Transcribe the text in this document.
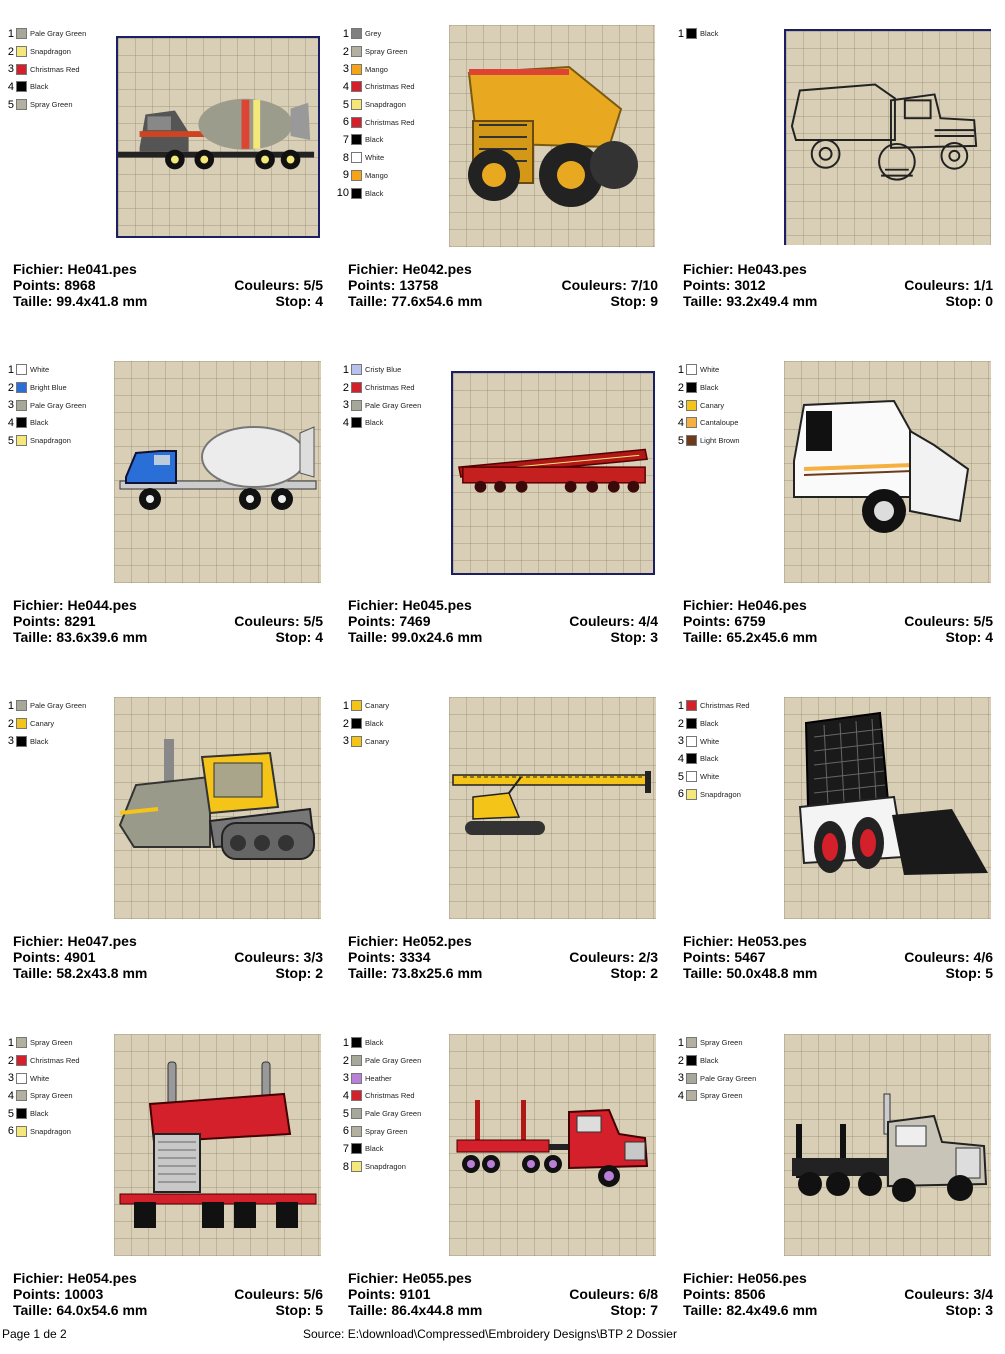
1 Pale Gray Green
2 Snapdragon
3 Christmas Red
4 Black
5 Spray Green
Fichier: He041.pes
Points: 8968	Couleurs: 5/5
Taille: 99.4x41.8 mm	Stop: 4
1 Grey
2 Spray Green
3 Mango
4 Christmas Red
5 Snapdragon
6 Christmas Red
7 Black
8 White
9 Mango
10 Black
Fichier: He042.pes
Points: 13758	Couleurs: 7/10
Taille: 77.6x54.6 mm	Stop: 9
1 Black
Fichier: He043.pes
Points: 3012	Couleurs: 1/1
Taille: 93.2x49.4 mm	Stop: 0
1 White
2 Bright Blue
3 Pale Gray Green
4 Black
5 Snapdragon
Fichier: He044.pes
Points: 8291	Couleurs: 5/5
Taille: 83.6x39.6 mm	Stop: 4
1 Cristy Blue
2 Christmas Red
3 Pale Gray Green
4 Black
Fichier: He045.pes
Points: 7469	Couleurs: 4/4
Taille: 99.0x24.6 mm	Stop: 3
1 White
2 Black
3 Canary
4 Cantaloupe
5 Light Brown
Fichier: He046.pes
Points: 6759	Couleurs: 5/5
Taille: 65.2x45.6 mm	Stop: 4
1 Pale Gray Green
2 Canary
3 Black
Fichier: He047.pes
Points: 4901	Couleurs: 3/3
Taille: 58.2x43.8 mm	Stop: 2
1 Canary
2 Black
3 Canary
Fichier: He052.pes
Points: 3334	Couleurs: 2/3
Taille: 73.8x25.6 mm	Stop: 2
1 Christmas Red
2 Black
3 White
4 Black
5 White
6 Snapdragon
Fichier: He053.pes
Points: 5467	Couleurs: 4/6
Taille: 50.0x48.8 mm	Stop: 5
1 Spray Green
2 Christmas Red
3 White
4 Spray Green
5 Black
6 Snapdragon
Fichier: He054.pes
Points: 10003	Couleurs: 5/6
Taille: 64.0x54.6 mm	Stop: 5
1 Black
2 Pale Gray Green
3 Heather
4 Christmas Red
5 Pale Gray Green
6 Spray Green
7 Black
8 Snapdragon
Fichier: He055.pes
Points: 9101	Couleurs: 6/8
Taille: 86.4x44.8 mm	Stop: 7
1 Spray Green
2 Black
3 Pale Gray Green
4 Spray Green
Fichier: He056.pes
Points: 8506	Couleurs: 3/4
Taille: 82.4x49.6 mm	Stop: 3
Page 1 de 2	Source: E:\download\Compressed\Embroidery Designs\BTP 2 Dossier
